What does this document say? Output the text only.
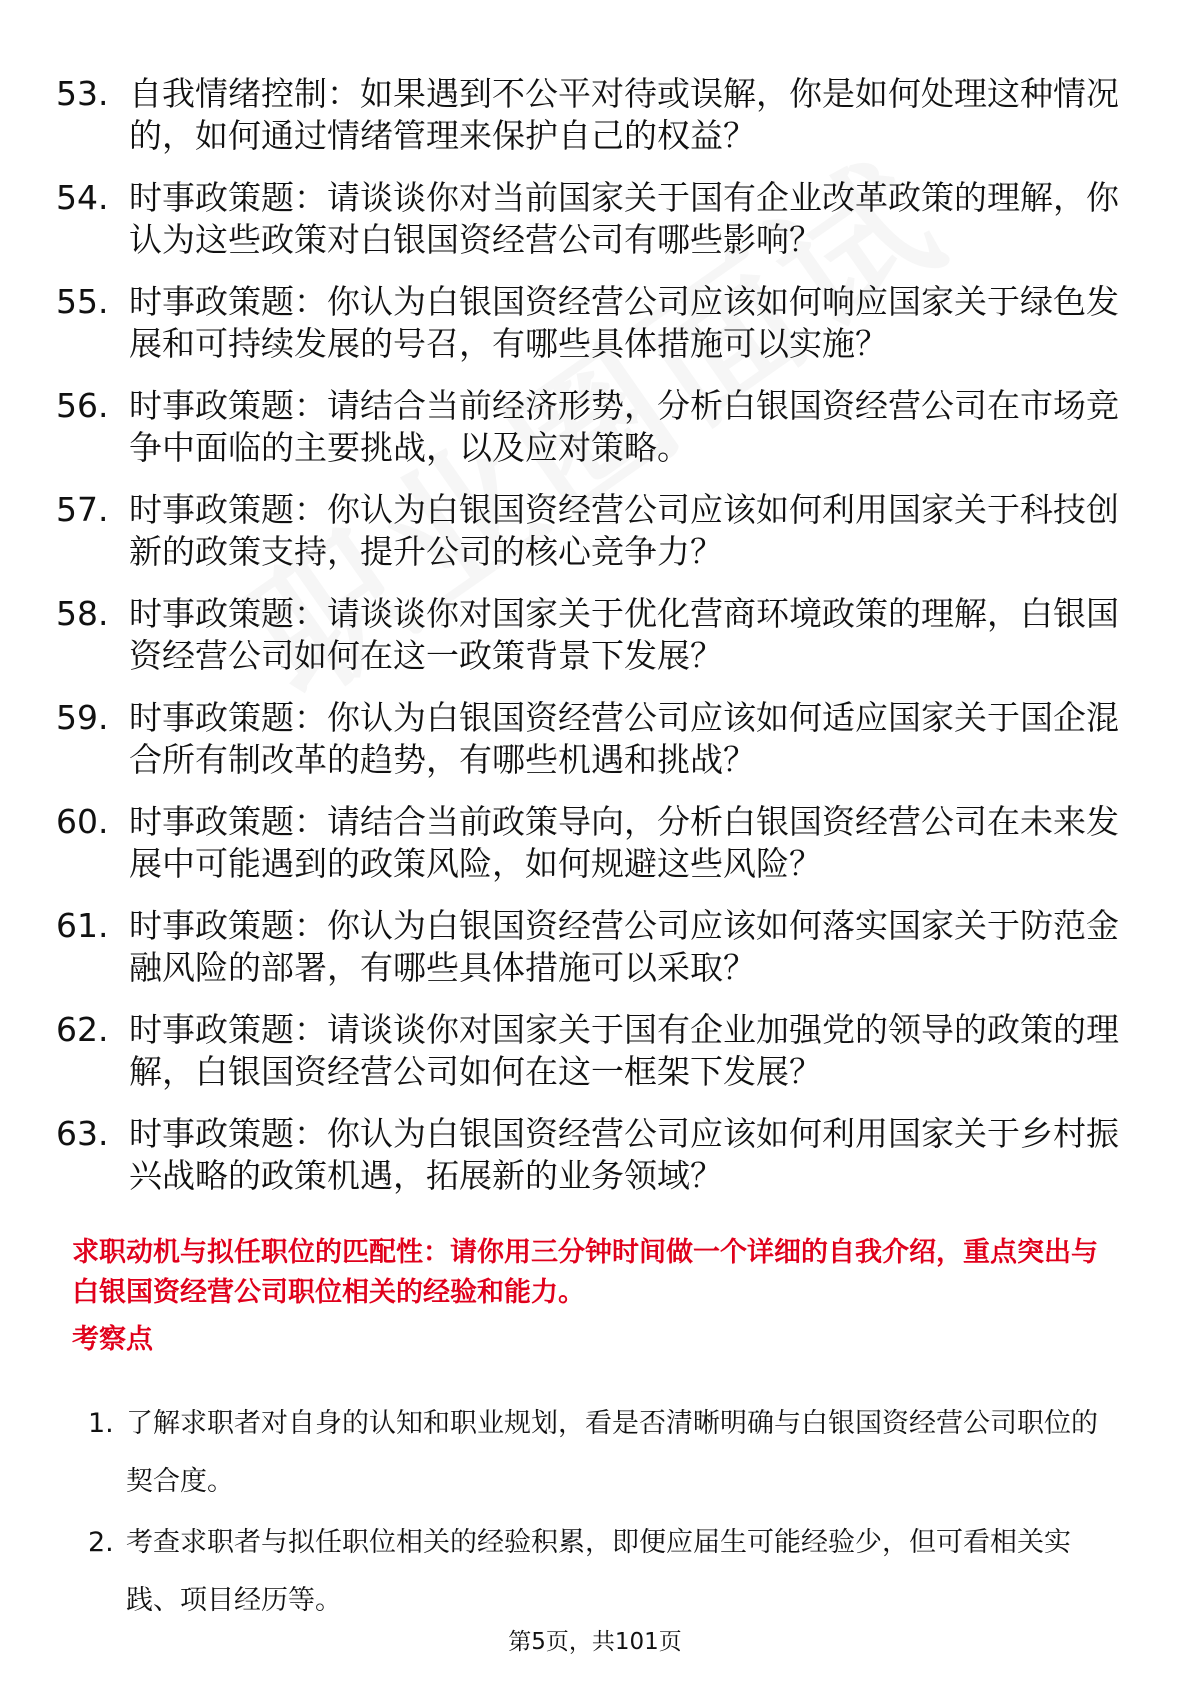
53. 自我情绪控制：如果遇到不公平对待或误解，你是如何处理这种情况的，如何通过情绪管理来保护自己的权益？
54. 时事政策题：请谈谈你对当前国家关于国有企业改革政策的理解，你认为这些政策对白银国资经营公司有哪些影响？
55. 时事政策题：你认为白银国资经营公司应该如何响应国家关于绿色发展和可持续发展的号召，有哪些具体措施可以实施？
56. 时事政策题：请结合当前经济形势，分析白银国资经营公司在市场竞争中面临的主要挑战，以及应对策略。
57. 时事政策题：你认为白银国资经营公司应该如何利用国家关于科技创新的政策支持，提升公司的核心竞争力？
58. 时事政策题：请谈谈你对国家关于优化营商环境政策的理解，白银国资经营公司如何在这一政策背景下发展？
59. 时事政策题：你认为白银国资经营公司应该如何适应国家关于国企混合所有制改革的趋势，有哪些机遇和挑战？
60. 时事政策题：请结合当前政策导向，分析白银国资经营公司在未来发展中可能遇到的政策风险，如何规避这些风险？
61. 时事政策题：你认为白银国资经营公司应该如何落实国家关于防范金融风险的部署，有哪些具体措施可以采取？
62. 时事政策题：请谈谈你对国家关于国有企业加强党的领导的政策的理解，白银国资经营公司如何在这一框架下发展？
63. 时事政策题：你认为白银国资经营公司应该如何利用国家关于乡村振兴战略的政策机遇，拓展新的业务领域？

求职动机与拟任职位的匹配性：请你用三分钟时间做一个详细的自我介绍，重点突出与白银国资经营公司职位相关的经验和能力。

考察点

1. 了解求职者对自身的认知和职业规划，看是否清晰明确与白银国资经营公司职位的契合度。
2. 考查求职者与拟任职位相关的经验积累，即便应届生可能经验少，但可看相关实践、项目经历等。
第5页，共101页
